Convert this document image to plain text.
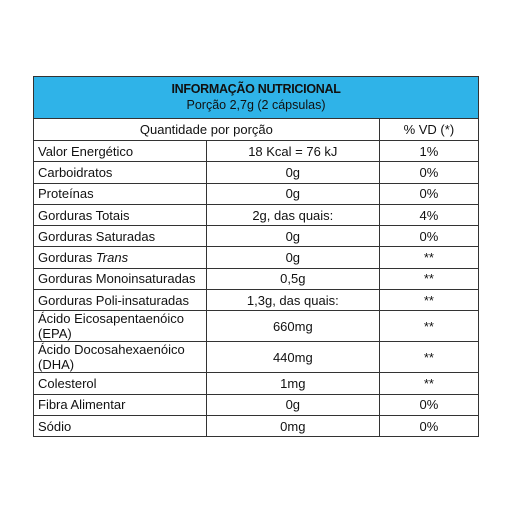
INFORMAÇÃO NUTRICIONAL
Porção 2,7g (2 cápsulas)
Quantidade por porção		% VD (*)
Valor Energético	18 Kcal = 76 kJ	1%
Carboidratos	0g	0%
Proteínas	0g	0%
Gorduras Totais	2g, das quais:	4%
Gorduras Saturadas	0g	0%
Gorduras Trans	0g	**
Gorduras Monoinsaturadas	0,5g	**
Gorduras Poli-insaturadas	1,3g, das quais:	**
Ácido Eicosapentaenóico (EPA)	660mg	**
Ácido Docosahexaenóico (DHA)	440mg	**
Colesterol	1mg	**
Fibra Alimentar	0g	0%
Sódio	0mg	0%
